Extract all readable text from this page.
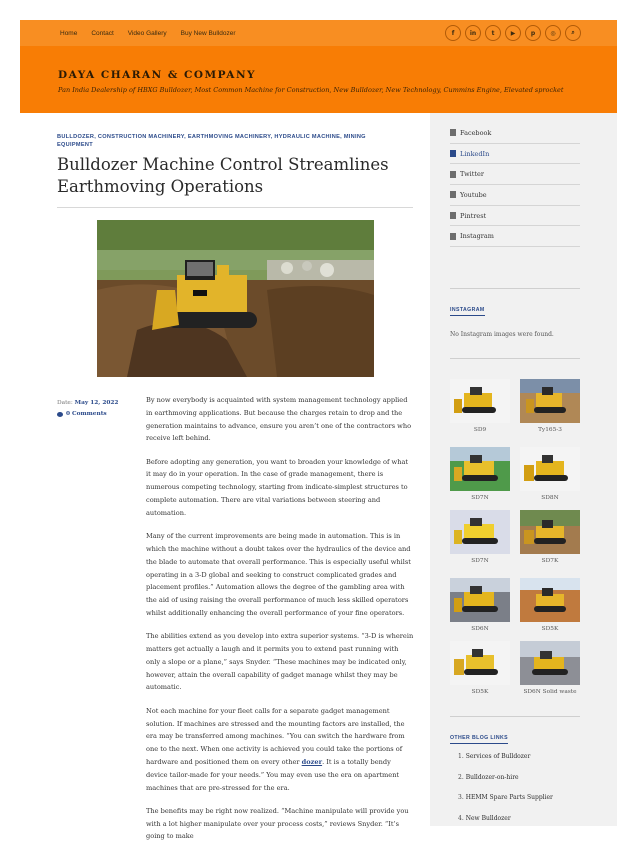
Home Contact Video Gallery Buy New Bulldozer	f	in	t	▶	p	◎	⌕
DAYA CHARAN & COMPANY
Pan India Dealership of HBXG Bulldozer, Most Common Machine for Construction, New Bulldozer, New Technology, Cummins Engine, Elevated sprocket
BULLDOZER, CONSTRUCTION MACHINERY, EARTHMOVING MACHINERY, HYDRAULIC MACHINE, MINING EQUIPMENT
Bulldozer Machine Control Streamlines Earthmoving Operations
Date: May 12, 2022
0 Comments

By now everybody is acquainted with system management technology applied in earthmoving applications. But because the charges retain to drop and the generation maintains to advance, ensure you aren’t one of the contractors who receive left behind.

Before adopting any generation, you want to broaden your knowledge of what it may do in your operation. In the case of grade management, there is numerous competing technology, starting from indicate-simplest structures to complete automation. There are vital variations between steering and automation.

Many of the current improvements are being made in automation. This is in which the machine without a doubt takes over the hydraulics of the device and the blade to automate that overall performance. This is especially useful whilst operating in a 3-D global and seeking to construct complicated grades and placement profiles.” Automation allows the degree of the gambling area with the aid of using raising the overall performance of much less skilled operators whilst additionally enhancing the overall performance of your fine operators.

The abilities extend as you develop into extra superior systems. “3-D is wherein matters get actually a laugh and it permits you to extend past running with only a slope or a plane,” says Snyder. “These machines may be indicated only, however, attain the overall capability of gadget manage whilst they may be automatic.

Not each machine for your fleet calls for a separate gadget management solution. If machines are stressed and the mounting factors are installed, the era may be transferred among machines. “You can switch the hardware from one to the next. When one activity is achieved you could take the portions of hardware and positioned them on every other dozer. It is a totally bendy device tailor-made for your needs.” You may even use the era on apartment machines that are pre-stressed for the era.

The benefits may be right now realized. “Machine manipulate will provide you with a lot higher manipulate over your process costs,” reviews Snyder. “It’s going to make

Facebook
LinkedIn
Twitter
Youtube
Pintrest
Instagram
INSTAGRAM
No Instagram images were found.
SD9	Ty165-3
SD7N	SD8N
SD7N	SD7K
SD6N	SD5K
SD5K	SD6N Solid waste
OTHER BLOG LINKS
1. Services of Bulldozer
2. Bulldozer-on-hire
3. HEMM Spare Parts Supplier
4. New Bulldozer
